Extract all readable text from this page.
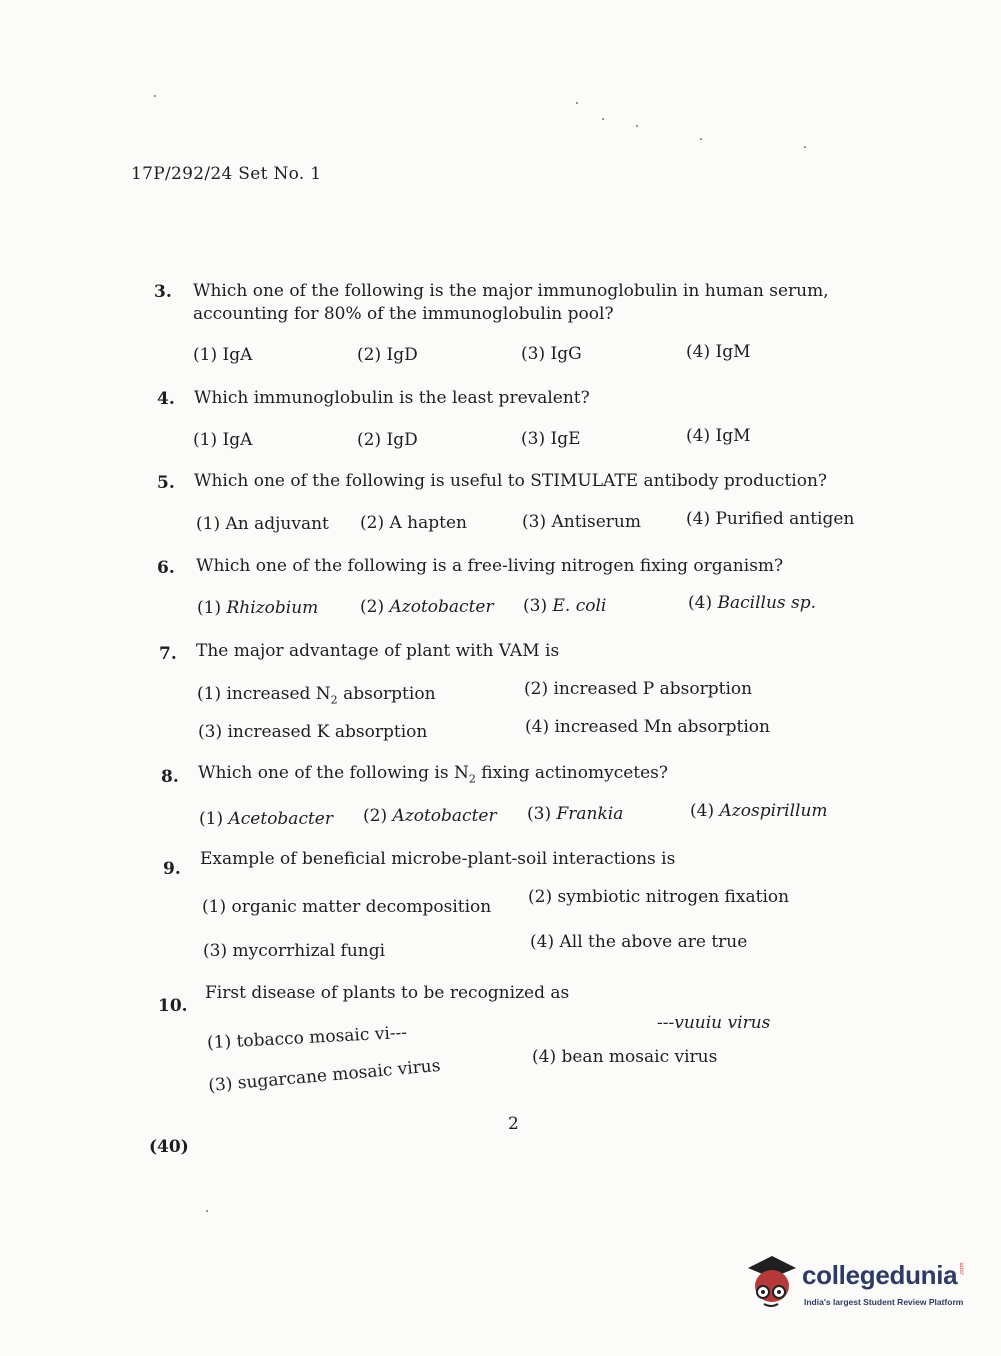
17P/292/24 Set No. 1
3. Which one of the following is the major immunoglobulin in human serum,
accounting for 80% of the immunoglobulin pool?
(1) IgA	(2) IgD	(3) IgG	(4) IgM
4. Which immunoglobulin is the least prevalent?
(1) IgA	(2) IgD	(3) IgE	(4) IgM
5. Which one of the following is useful to STIMULATE antibody production?
(1) An adjuvant (2) A hapten	(3) Antiserum	(4) Purified antigen
6. Which one of the following is a free-living nitrogen fixing organism?
(1) Rhizobium (2) Azotobacter (3) E. coli	(4) Bacillus sp.
7. The major advantage of plant with VAM is
(1) increased $N_2$ absorption	(2) increased P absorption
(3) increased K absorption	(4) increased Mn absorption
8. Which one of the following is $N_2$ fixing actinomycetes?
(1) Acetobacter (2) Azotobacter (3) Frankia	(4) Azospirillum
9. Example of beneficial microbe-plant-soil interactions is
(1) organic matter decomposition (2) symbiotic nitrogen fixation
(3) mycorrhizal fungi	(4) All the above are true
10.
First disease of plants to be recognized as
(1) tobacco mosaic vi---	---vuuiu virus
(3) sugarcane mosaic virus	(4) bean mosaic virus
2
(40)
collegedunia .com
India's largest Student Review Platform
